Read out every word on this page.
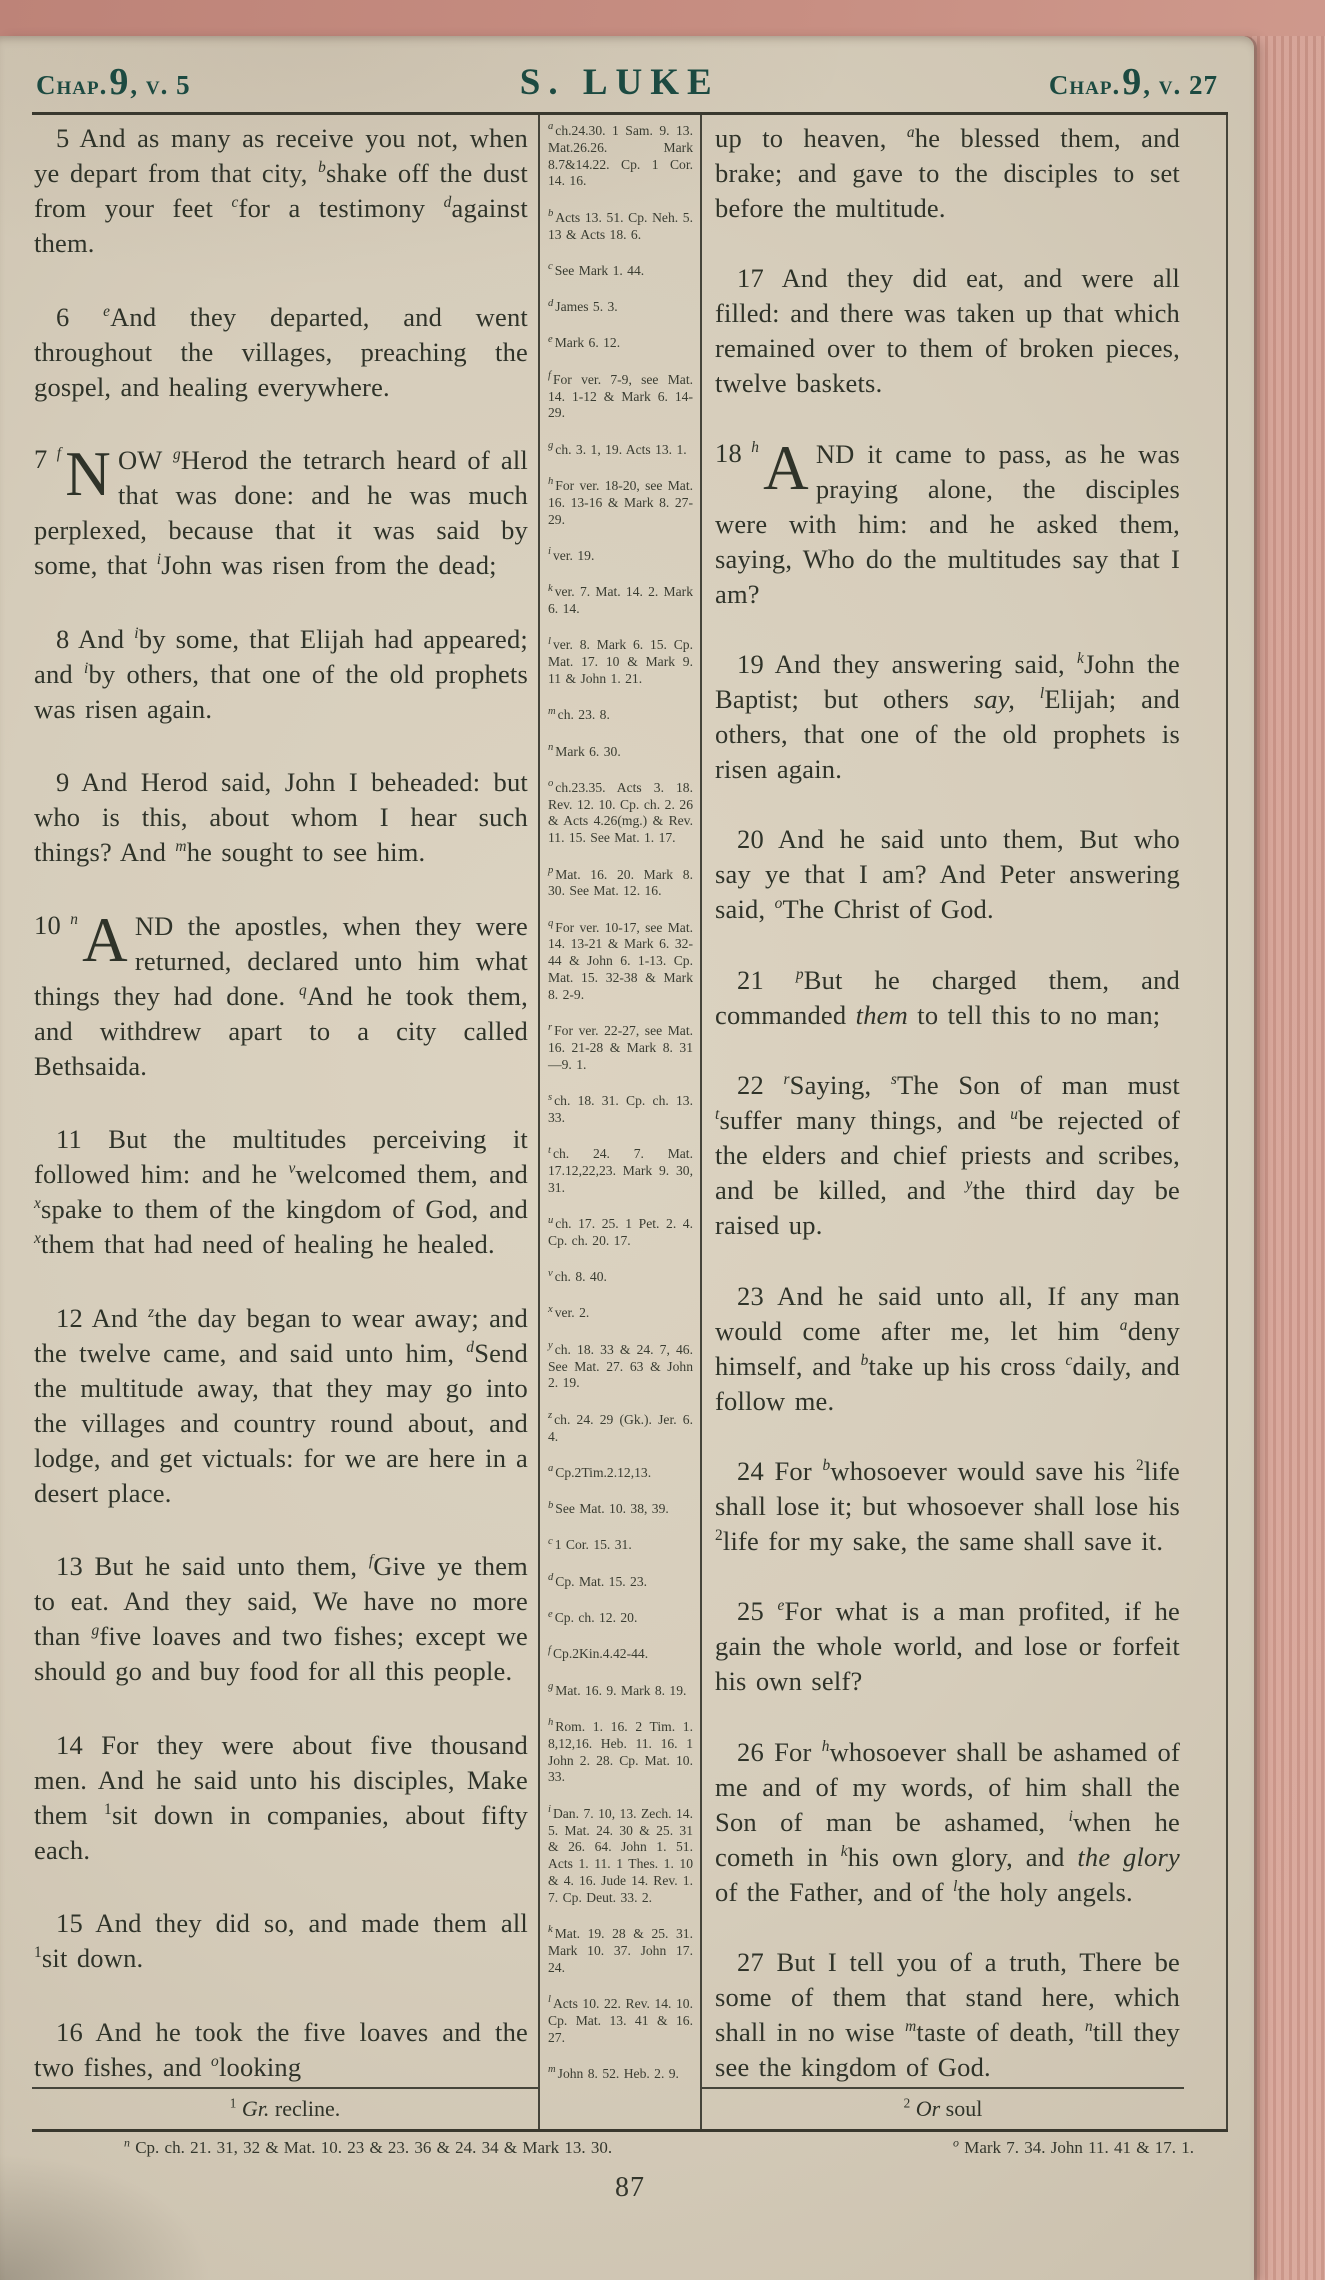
Chap.9, v. 5	S. LUKE	Chap.9, v. 27

5 And as many as receive you not, when ye depart from that city, $^b$shake off the dust from your feet $^c$for a testimony $^d$against them.

6 $^e$And they departed, and went throughout the villages, preaching the gospel, and healing everywhere.

7 $^f$ N OW $^g$Herod the tetrarch heard of all that was done: and he was much perplexed, because that it was said by some, that $^i$John was risen from the dead;

8 And $^i$by some, that Elijah had appeared; and $^i$by others, that one of the old prophets was risen again.

9 And Herod said, John I beheaded: but who is this, about whom I hear such things? And $^m$he sought to see him.

10 $^n$ A ND the apostles, when they were returned, declared unto him what things they had done. $^q$And he took them, and withdrew apart to a city called Bethsaida.

11 But the multitudes perceiving it followed him: and he $^v$welcomed them, and $^x$spake to them of the kingdom of God, and $^x$them that had need of healing he healed.

12 And $^z$the day began to wear away; and the twelve came, and said unto him, $^d$Send the multitude away, that they may go into the villages and country round about, and lodge, and get victuals: for we are here in a desert place.

13 But he said unto them, $^f$Give ye them to eat. And they said, We have no more than $^g$five loaves and two fishes; except we should go and buy food for all this people.

14 For they were about five thousand men. And he said unto his disciples, Make them $^1$sit down in companies, about fifty each.

15 And they did so, and made them all $^1$sit down.

16 And he took the five loaves and the two fishes, and $^o$looking

$^a$ ch.24.30. 1 Sam. 9. 13. Mat.26.26. Mark 8.7&14.22. Cp. 1 Cor. 14. 16.

$^b$ Acts 13. 51. Cp. Neh. 5. 13 & Acts 18. 6.

$^c$ See Mark 1. 44.

$^d$ James 5. 3.

$^e$ Mark 6. 12.

$^f$ For ver. 7-9, see Mat. 14. 1-12 & Mark 6. 14-29.

$^g$ ch. 3. 1, 19. Acts 13. 1.

$^h$ For ver. 18-20, see Mat. 16. 13-16 & Mark 8. 27-29.

$^i$ ver. 19.

$^k$ ver. 7. Mat. 14. 2. Mark 6. 14.

$^l$ ver. 8. Mark 6. 15. Cp. Mat. 17. 10 & Mark 9. 11 & John 1. 21.

$^m$ ch. 23. 8.

$^n$ Mark 6. 30.

$^o$ ch.23.35. Acts 3. 18. Rev. 12. 10. Cp. ch. 2. 26 & Acts 4.26(mg.) & Rev. 11. 15. See Mat. 1. 17.

$^p$ Mat. 16. 20. Mark 8. 30. See Mat. 12. 16.

$^q$ For ver. 10-17, see Mat. 14. 13-21 & Mark 6. 32-44 & John 6. 1-13. Cp. Mat. 15. 32-38 & Mark 8. 2-9.

$^r$ For ver. 22-27, see Mat. 16. 21-28 & Mark 8. 31—9. 1.

$^s$ ch. 18. 31. Cp. ch. 13. 33.

$^t$ ch. 24. 7. Mat. 17.12,22,23. Mark 9. 30, 31.

$^u$ ch. 17. 25. 1 Pet. 2. 4. Cp. ch. 20. 17.

$^v$ ch. 8. 40.

$^x$ ver. 2.

$^y$ ch. 18. 33 & 24. 7, 46. See Mat. 27. 63 & John 2. 19.

$^z$ ch. 24. 29 (Gk.). Jer. 6. 4.

$^a$ Cp.2Tim.2.12,13.

$^b$ See Mat. 10. 38, 39.

$^c$ 1 Cor. 15. 31.

$^d$ Cp. Mat. 15. 23.

$^e$ Cp. ch. 12. 20.

$^f$ Cp.2Kin.4.42-44.

$^g$ Mat. 16. 9. Mark 8. 19.

$^h$ Rom. 1. 16. 2 Tim. 1. 8,12,16. Heb. 11. 16. 1 John 2. 28. Cp. Mat. 10. 33.

$^i$ Dan. 7. 10, 13. Zech. 14. 5. Mat. 24. 30 & 25. 31 & 26. 64. John 1. 51. Acts 1. 11. 1 Thes. 1. 10 & 4. 16. Jude 14. Rev. 1. 7. Cp. Deut. 33. 2.

$^k$ Mat. 19. 28 & 25. 31. Mark 10. 37. John 17. 24.

$^l$ Acts 10. 22. Rev. 14. 10. Cp. Mat. 13. 41 & 16. 27.

$^m$ John 8. 52. Heb. 2. 9.

up to heaven, $^a$he blessed them, and brake; and gave to the disciples to set before the multitude.

17 And they did eat, and were all filled: and there was taken up that which remained over to them of broken pieces, twelve baskets.

18 $^h$ A ND it came to pass, as he was praying alone, the disciples were with him: and he asked them, saying, Who do the multitudes say that I am?

19 And they answering said, $^k$John the Baptist; but others say, $^l$Elijah; and others, that one of the old prophets is risen again.

20 And he said unto them, But who say ye that I am? And Peter answering said, $^o$The Christ of God.

21 $^p$But he charged them, and commanded them to tell this to no man;

22 $^r$Saying, $^s$The Son of man must $^t$suffer many things, and $^u$be rejected of the elders and chief priests and scribes, and be killed, and $^y$the third day be raised up.

23 And he said unto all, If any man would come after me, let him $^a$deny himself, and $^b$take up his cross $^c$daily, and follow me.

24 For $^b$whosoever would save his $^2$life shall lose it; but whosoever shall lose his $^2$life for my sake, the same shall save it.

25 $^e$For what is a man profited, if he gain the whole world, and lose or forfeit his own self?

26 For $^h$whosoever shall be ashamed of me and of my words, of him shall the Son of man be ashamed, $^i$when he cometh in $^k$his own glory, and the glory of the Father, and of $^l$the holy angels.

27 But I tell you of a truth, There be some of them that stand here, which shall in no wise $^m$taste of death, $^n$till they see the kingdom of God.

$^1$ Gr. recline.	$^2$ Or soul
$^n$ Cp. ch. 21. 31, 32 & Mat. 10. 23 & 23. 36 & 24. 34 & Mark 13. 30.	$^o$ Mark 7. 34. John 11. 41 & 17. 1.
87
